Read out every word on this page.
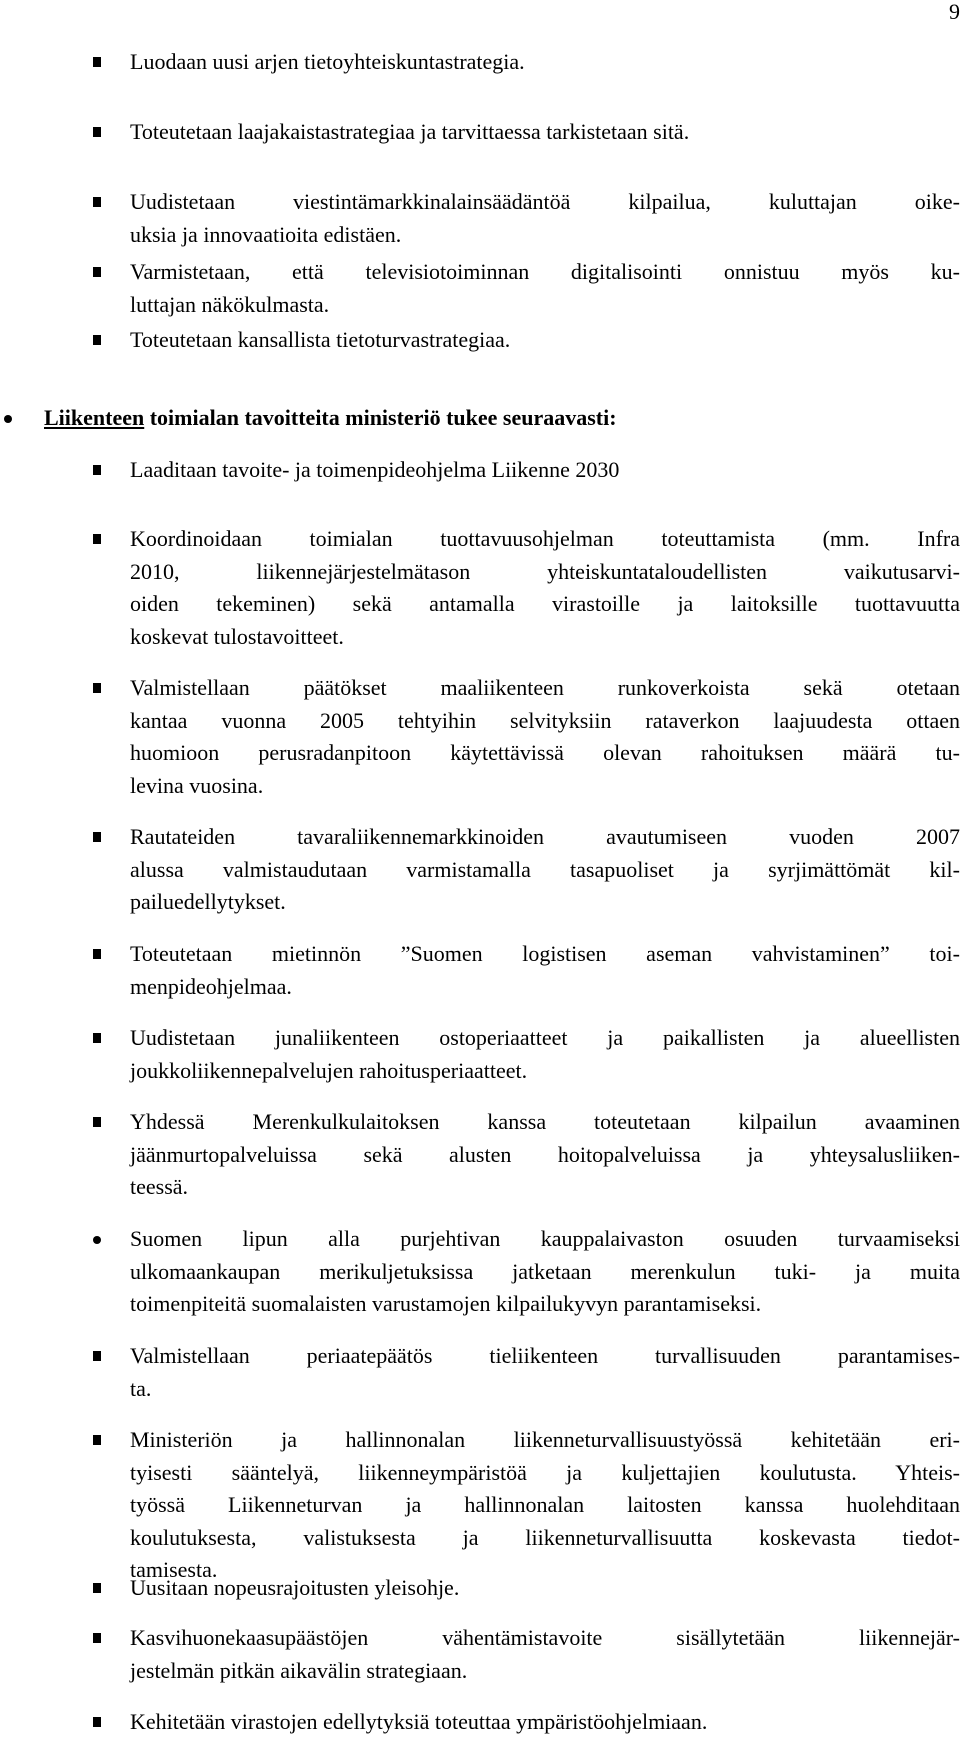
9
Luodaan uusi arjen tietoyhteiskuntastrategia.
Toteutetaan laajakaistastrategiaa ja tarvittaessa tarkistetaan sitä.
Uudistetaan viestintämarkkinalainsäädäntöä kilpailua, kuluttajan oike-
uksia ja innovaatioita edistäen.
Varmistetaan, että televisiotoiminnan digitalisointi onnistuu myös ku-
luttajan näkökulmasta.
Toteutetaan kansallista tietoturvastrategiaa.
Liikenteen toimialan tavoitteita ministeriö tukee seuraavasti:
Laaditaan tavoite- ja toimenpideohjelma Liikenne 2030
Koordinoidaan toimialan tuottavuusohjelman toteuttamista (mm. Infra
2010, liikennejärjestelmätason yhteiskuntataloudellisten vaikutusarvi-
oiden tekeminen) sekä antamalla virastoille ja laitoksille tuottavuutta
koskevat tulostavoitteet.
Valmistellaan päätökset maaliikenteen runkoverkoista sekä otetaan
kantaa vuonna 2005 tehtyihin selvityksiin rataverkon laajuudesta ottaen
huomioon perusradanpitoon käytettävissä olevan rahoituksen määrä tu-
levina vuosina.
Rautateiden tavaraliikennemarkkinoiden avautumiseen vuoden 2007
alussa valmistaudutaan varmistamalla tasapuoliset ja syrjimättömät kil-
pailuedellytykset.
Toteutetaan mietinnön ”Suomen logistisen aseman vahvistaminen” toi-
menpideohjelmaa.
Uudistetaan junaliikenteen ostoperiaatteet ja paikallisten ja alueellisten
joukkoliikennepalvelujen rahoitusperiaatteet.
Yhdessä Merenkulkulaitoksen kanssa toteutetaan kilpailun avaaminen
jäänmurtopalveluissa sekä alusten hoitopalveluissa ja yhteysalusliiken-
teessä.
Suomen lipun alla purjehtivan kauppalaivaston osuuden turvaamiseksi
ulkomaankaupan merikuljetuksissa jatketaan merenkulun tuki- ja muita
toimenpiteitä suomalaisten varustamojen kilpailukyvyn parantamiseksi.
Valmistellaan periaatepäätös tieliikenteen turvallisuuden parantamises-
ta.
Ministeriön ja hallinnonalan liikenneturvallisuustyössä kehitetään eri-
tyisesti sääntelyä, liikenneympäristöä ja kuljettajien koulutusta. Yhteis-
työssä Liikenneturvan ja hallinnonalan laitosten kanssa huolehditaan
koulutuksesta, valistuksesta ja liikenneturvallisuutta koskevasta tiedot-
tamisesta.
Uusitaan nopeusrajoitusten yleisohje.
Kasvihuonekaasupäästöjen vähentämistavoite sisällytetään liikennejär-
jestelmän pitkän aikavälin strategiaan.
Kehitetään virastojen edellytyksiä toteuttaa ympäristöohjelmiaan.
